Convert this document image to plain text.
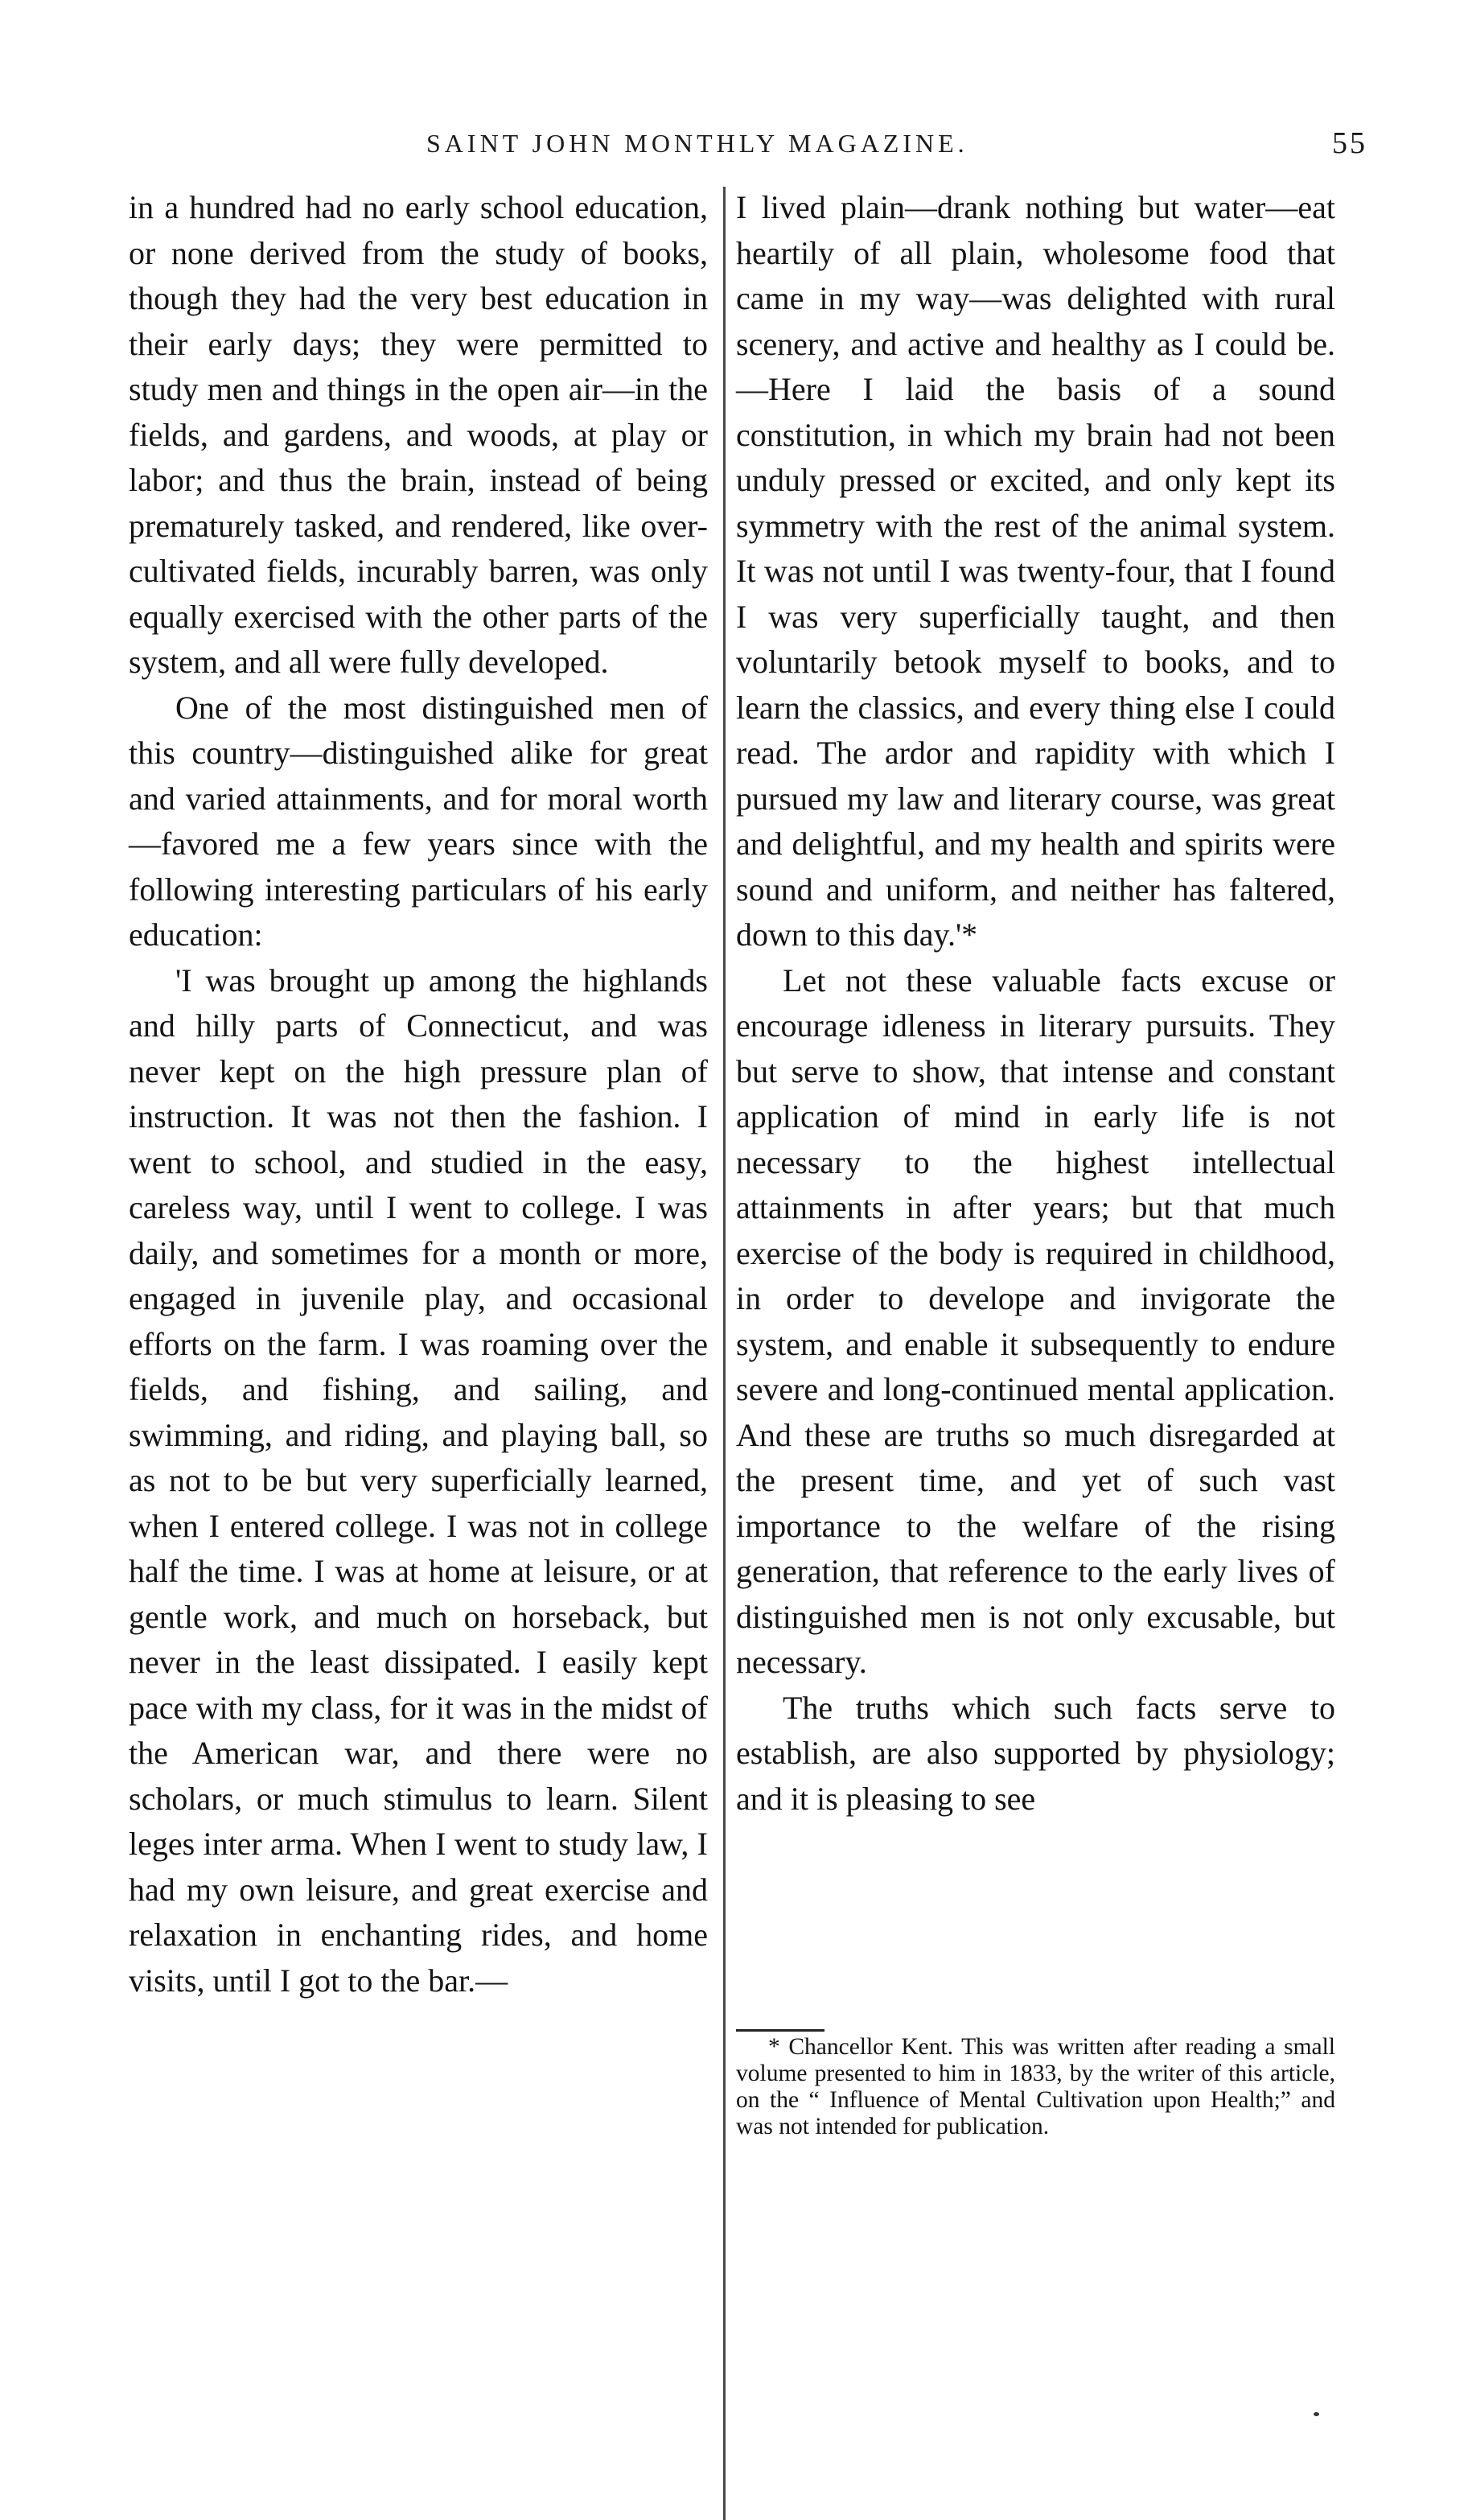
SAINT JOHN MONTHLY MAGAZINE.	55

in a hundred had no early school education, or none derived from the study of books, though they had the very best education in their early days; they were permitted to study men and things in the open air—in the fields, and gardens, and woods, at play or labor; and thus the brain, instead of being prematurely tasked, and rendered, like over-cultivated fields, incurably barren, was only equally exercised with the other parts of the system, and all were fully developed.

One of the most distinguished men of this country—distinguished alike for great and varied attainments, and for moral worth—favored me a few years since with the following interesting particulars of his early education:

'I was brought up among the highlands and hilly parts of Connecticut, and was never kept on the high pressure plan of instruction. It was not then the fashion. I went to school, and studied in the easy, careless way, until I went to college. I was daily, and sometimes for a month or more, engaged in juvenile play, and occasional efforts on the farm. I was roaming over the fields, and fishing, and sailing, and swimming, and riding, and playing ball, so as not to be but very superficially learned, when I entered college. I was not in college half the time. I was at home at leisure, or at gentle work, and much on horseback, but never in the least dissipated. I easily kept pace with my class, for it was in the midst of the American war, and there were no scholars, or much stimulus to learn. Silent leges inter arma. When I went to study law, I had my own leisure, and great exercise and relaxation in enchanting rides, and home visits, until I got to the bar.—

I lived plain—drank nothing but water—eat heartily of all plain, wholesome food that came in my way—was delighted with rural scenery, and active and healthy as I could be.—Here I laid the basis of a sound constitution, in which my brain had not been unduly pressed or excited, and only kept its symmetry with the rest of the animal system. It was not until I was twenty-four, that I found I was very superficially taught, and then voluntarily betook myself to books, and to learn the classics, and every thing else I could read. The ardor and rapidity with which I pursued my law and literary course, was great and delightful, and my health and spirits were sound and uniform, and neither has faltered, down to this day.'*

Let not these valuable facts excuse or encourage idleness in literary pursuits. They but serve to show, that intense and constant application of mind in early life is not necessary to the highest intellectual attainments in after years; but that much exercise of the body is required in childhood, in order to develope and invigorate the system, and enable it subsequently to endure severe and long-continued mental application. And these are truths so much disregarded at the present time, and yet of such vast importance to the welfare of the rising generation, that reference to the early lives of distinguished men is not only excusable, but necessary.

The truths which such facts serve to establish, are also supported by physiology; and it is pleasing to see

* Chancellor Kent. This was written after reading a small volume presented to him in 1833, by the writer of this article, on the “ Influence of Mental Cultivation upon Health;” and was not intended for publication.
